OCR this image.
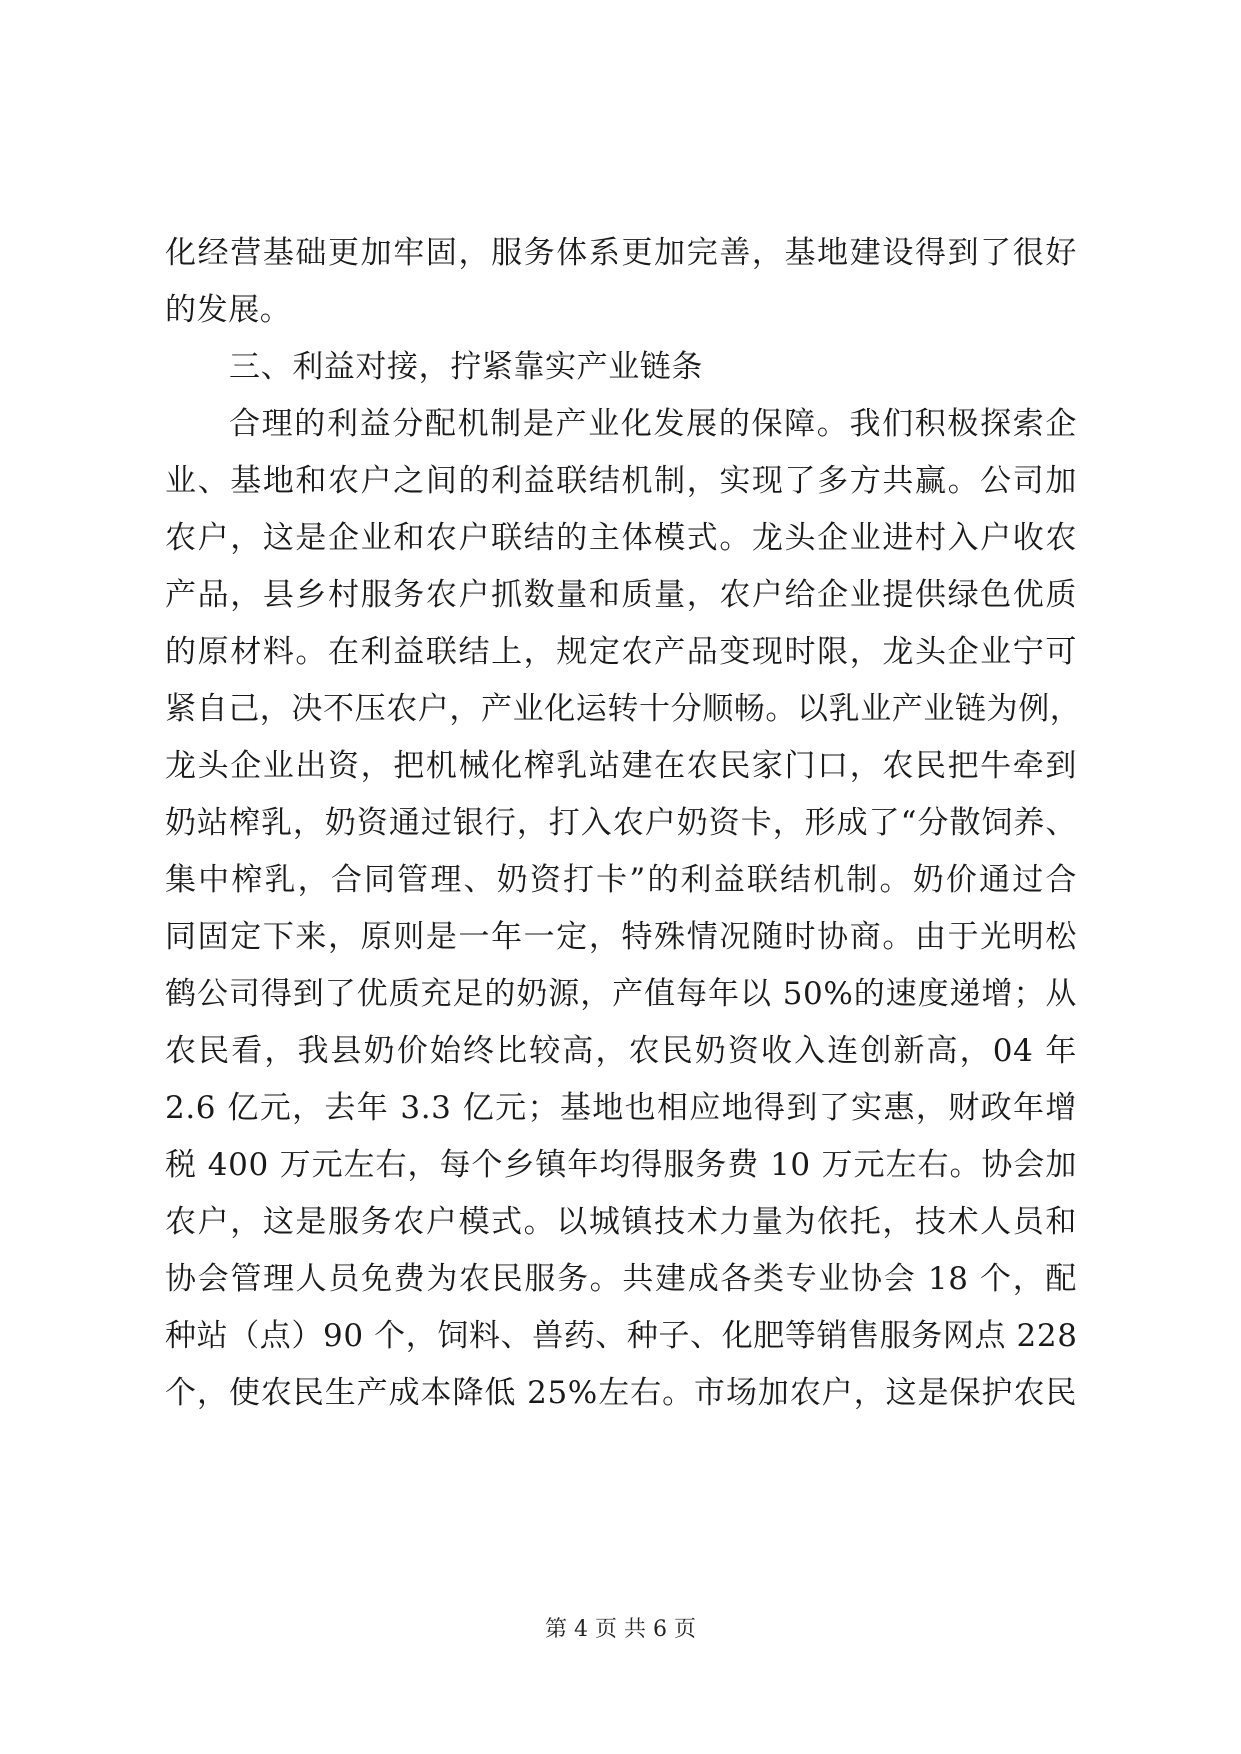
化经营基础更加牢固，服务体系更加完善，基地建设得到了很好
的发展。
三、利益对接，拧紧靠实产业链条
合理的利益分配机制是产业化发展的保障。我们积极探索企
业、基地和农户之间的利益联结机制，实现了多方共赢。公司加
农户，这是企业和农户联结的主体模式。龙头企业进村入户收农
产品，县乡村服务农户抓数量和质量，农户给企业提供绿色优质
的原材料。在利益联结上，规定农产品变现时限，龙头企业宁可
紧自己，决不压农户，产业化运转十分顺畅。以乳业产业链为例，
龙头企业出资，把机械化榨乳站建在农民家门口，农民把牛牵到
奶站榨乳，奶资通过银行，打入农户奶资卡，形成了“分散饲养、
集中榨乳，合同管理、奶资打卡”的利益联结机制。奶价通过合
同固定下来，原则是一年一定，特殊情况随时协商。由于光明松
鹤公司得到了优质充足的奶源，产值每年以 50%的速度递增；从
农民看，我县奶价始终比较高，农民奶资收入连创新高，04 年
2.6 亿元，去年 3.3 亿元；基地也相应地得到了实惠，财政年增
税 400 万元左右，每个乡镇年均得服务费 10 万元左右。协会加
农户，这是服务农户模式。以城镇技术力量为依托，技术人员和
协会管理人员免费为农民服务。共建成各类专业协会 18 个，配
种站（点）90 个，饲料、兽药、种子、化肥等销售服务网点 228
个，使农民生产成本降低 25%左右。市场加农户，这是保护农民
第 4 页 共 6 页
